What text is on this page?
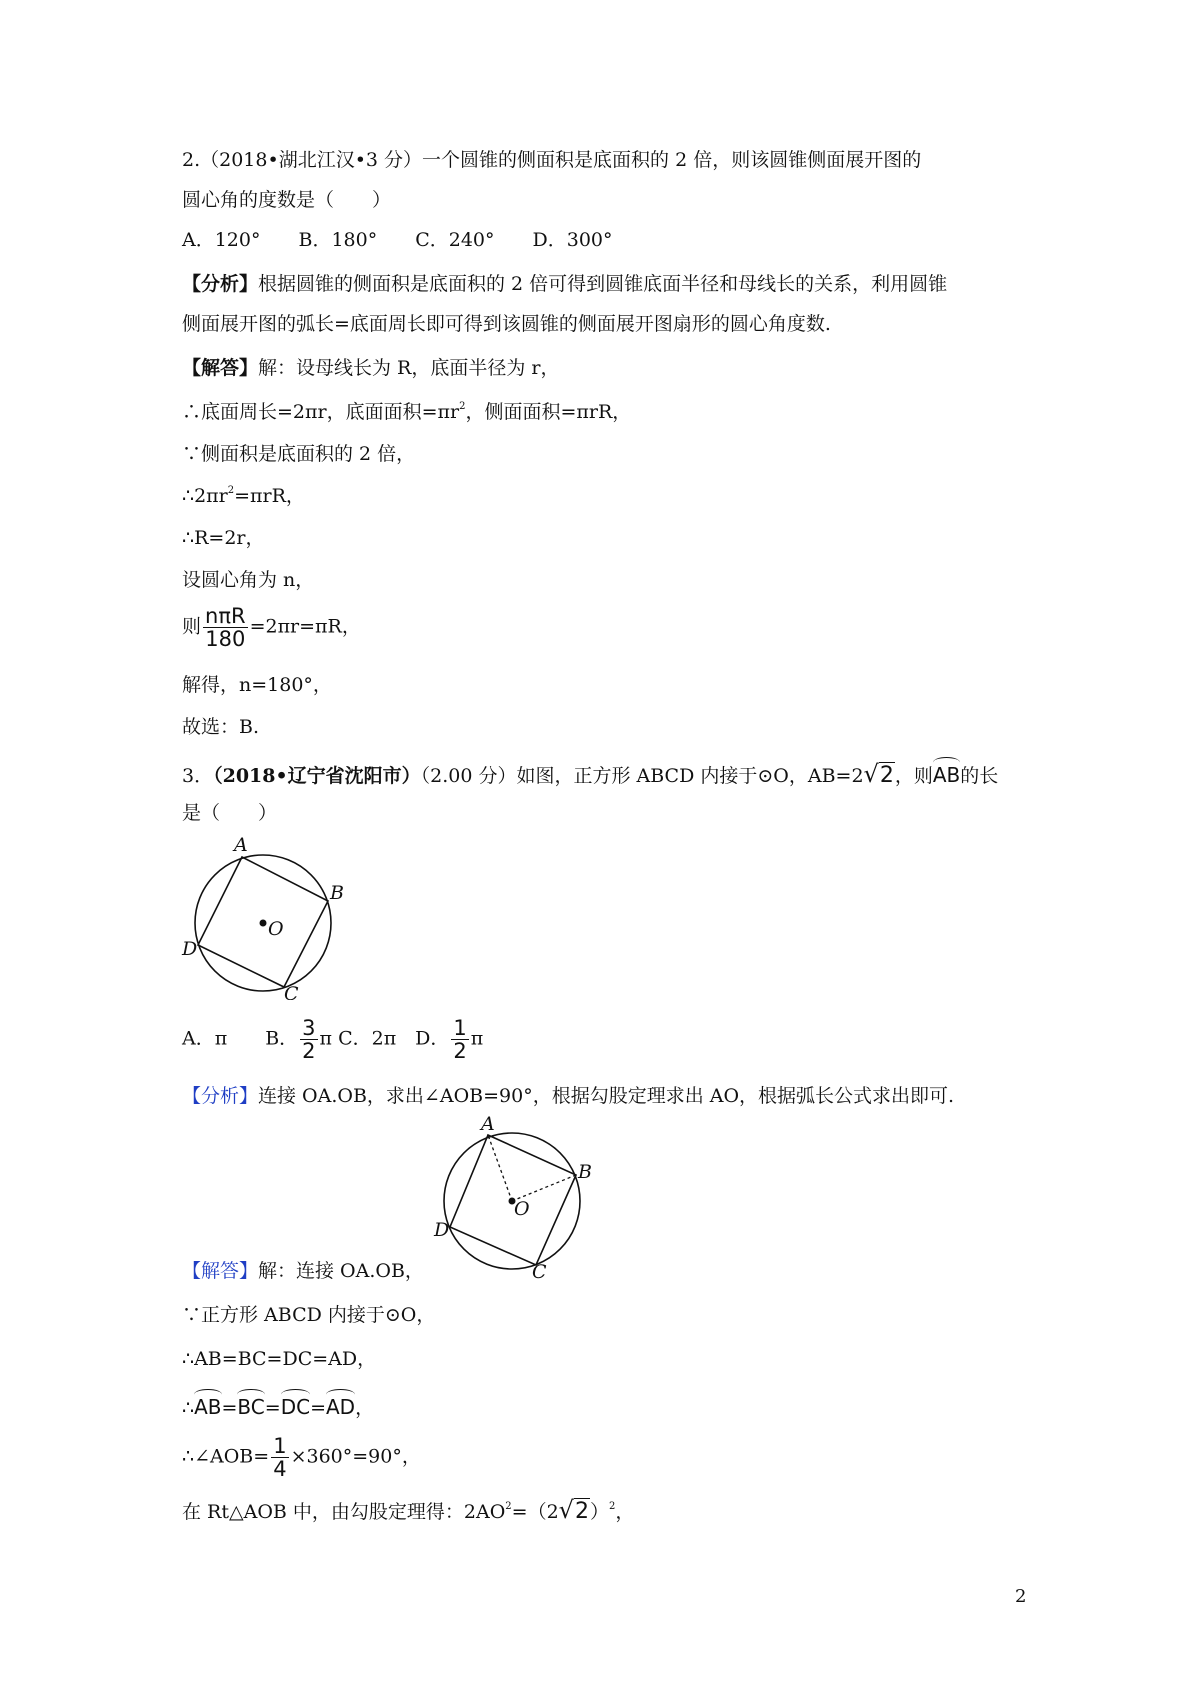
2.（2018•湖北江汉•3 分）一个圆锥的侧面积是底面积的 2 倍，则该圆锥侧面展开图的
圆心角的度数是（　　）
A．120°　　B．180°　　C．240°　　D．300°
【分析】根据圆锥的侧面积是底面积的 2 倍可得到圆锥底面半径和母线长的关系，利用圆锥
侧面展开图的弧长=底面周长即可得到该圆锥的侧面展开图扇形的圆心角度数.
【解答】解：设母线长为 R，底面半径为 r，
∴底面周长=2πr，底面面积$=\pi r^2$，侧面面积=πrR，
∵侧面积是底面积的 2 倍，
$\therefore 2\pi r^2=\pi rR$，
∴R=2r，
设圆心角为 n，
则 $\frac{\text{nπR}}{180} =2\pi r=\pi R$，
解得，n=180°，
故选：B.
3．（2018•辽宁省沈阳市）（2.00 分）如图，正方形 ABCD 内接于⊙O，AB=2√2，则AB的长
是（　　）
A
B
C
D
O
A．π　　B． $\frac{3}{2}$ π C．2π　D． $\frac{1}{2}$ π
【分析】连接 OA.OB，求出∠AOB=90°，根据勾股定理求出 AO，根据弧长公式求出即可.
A
B
C
D
O
【解答】解：连接 OA.OB，
∵正方形 ABCD 内接于⊙O，
∴AB=BC=DC=AD，
∴AB=BC=DC=AD，
∴∠AOB= $\frac{1}{4} \times 360^\circ=90^\circ$，
在 Rt△AOB 中，由勾股定理得：$2AO^2=(2√2)^2$，
2
